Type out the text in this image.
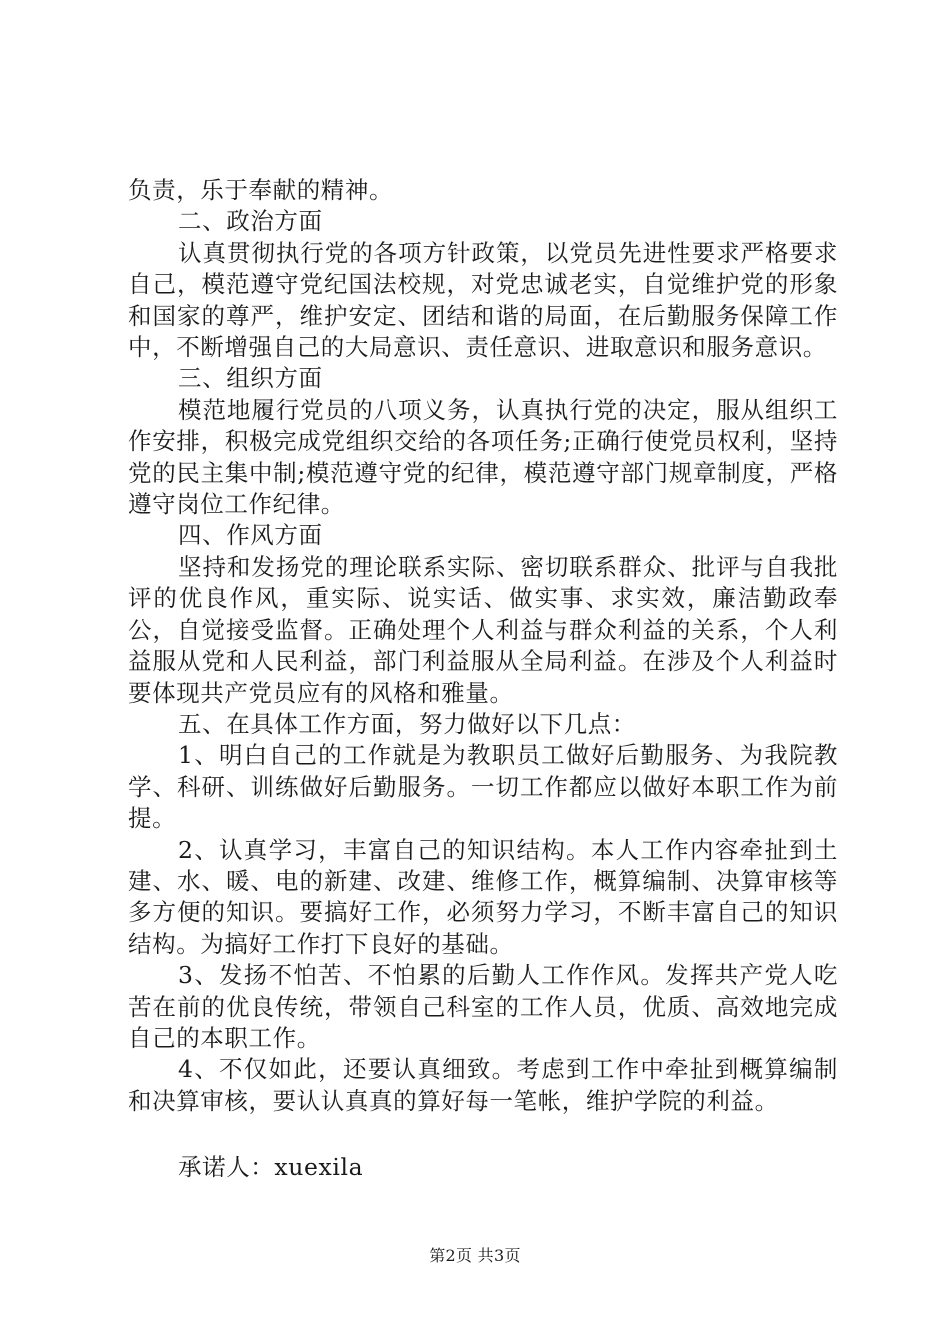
负责，乐于奉献的精神。

二、政治方面

认真贯彻执行党的各项方针政策，以党员先进性要求严格要求自己，模范遵守党纪国法校规，对党忠诚老实，自觉维护党的形象和国家的尊严，维护安定、团结和谐的局面，在后勤服务保障工作中，不断增强自己的大局意识、责任意识、进取意识和服务意识。

三、组织方面

模范地履行党员的八项义务，认真执行党的决定，服从组织工作安排，积极完成党组织交给的各项任务;正确行使党员权利，坚持党的民主集中制;模范遵守党的纪律，模范遵守部门规章制度，严格遵守岗位工作纪律。

四、作风方面

坚持和发扬党的理论联系实际、密切联系群众、批评与自我批评的优良作风，重实际、说实话、做实事、求实效，廉洁勤政奉公，自觉接受监督。正确处理个人利益与群众利益的关系，个人利益服从党和人民利益，部门利益服从全局利益。在涉及个人利益时要体现共产党员应有的风格和雅量。

五、在具体工作方面，努力做好以下几点：

1、明白自己的工作就是为教职员工做好后勤服务、为我院教学、科研、训练做好后勤服务。一切工作都应以做好本职工作为前提。

2、认真学习，丰富自己的知识结构。本人工作内容牵扯到土建、水、暖、电的新建、改建、维修工作，概算编制、决算审核等多方便的知识。要搞好工作，必须努力学习，不断丰富自己的知识结构。为搞好工作打下良好的基础。

3、发扬不怕苦、不怕累的后勤人工作作风。发挥共产党人吃苦在前的优良传统，带领自己科室的工作人员，优质、高效地完成自己的本职工作。

4、不仅如此，还要认真细致。考虑到工作中牵扯到概算编制和决算审核，要认认真真的算好每一笔帐，维护学院的利益。

承诺人：xuexila
第2页 共3页
